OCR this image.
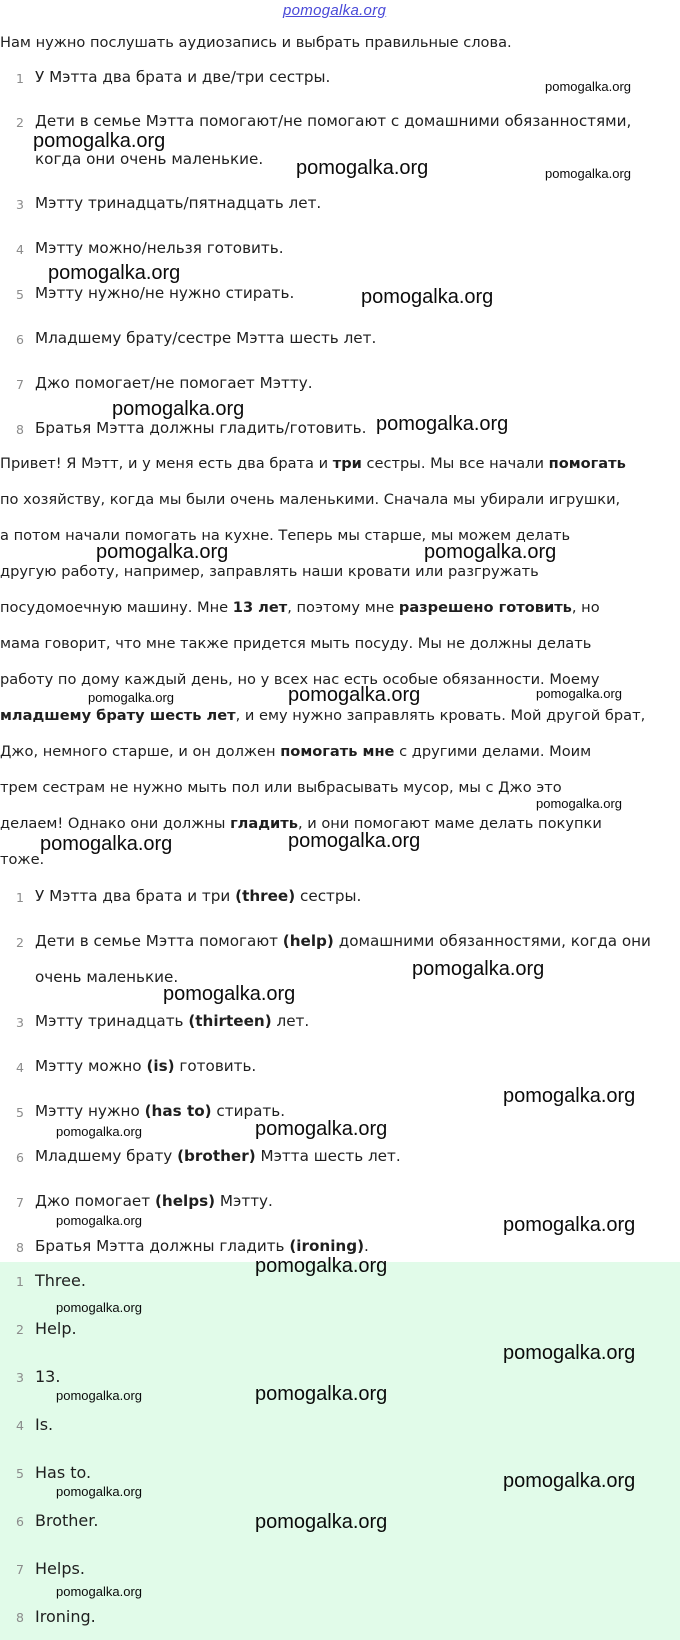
pomogalka.org
Нам нужно послушать аудиозапись и выбрать правильные слова.
1 У Мэтта два брата и две/три сестры.
2 Дети в семье Мэтта помогают/не помогают с домашними обязанностями,
когда они очень маленькие.
3 Мэтту тринадцать/пятнадцать лет.
4 Мэтту можно/нельзя готовить.
5 Мэтту нужно/не нужно стирать.
6 Младшему брату/сестре Мэтта шесть лет.
7 Джо помогает/не помогает Мэтту.
8 Братья Мэтта должны гладить/готовить.
Привет! Я Мэтт, и у меня есть два брата и три сестры. Мы все начали помогать
по хозяйству, когда мы были очень маленькими. Сначала мы убирали игрушки,
а потом начали помогать на кухне. Теперь мы старше, мы можем делать
другую работу, например, заправлять наши кровати или разгружать
посудомоечную машину. Мне 13 лет, поэтому мне разрешено готовить, но
мама говорит, что мне также придется мыть посуду. Мы не должны делать
работу по дому каждый день, но у всех нас есть особые обязанности. Моему
младшему брату шесть лет, и ему нужно заправлять кровать. Мой другой брат,
Джо, немного старше, и он должен помогать мне с другими делами. Моим
трем сестрам не нужно мыть пол или выбрасывать мусор, мы с Джо это
делаем! Однако они должны гладить, и они помогают маме делать покупки
тоже.
1 У Мэтта два брата и три (three) сестры.
2 Дети в семье Мэтта помогают (help) домашними обязанностями, когда они
очень маленькие.
3 Мэтту тринадцать (thirteen) лет.
4 Мэтту можно (is) готовить.
5 Мэтту нужно (has to) стирать.
6 Младшему брату (brother) Мэтта шесть лет.
7 Джо помогает (helps) Мэтту.
8 Братья Мэтта должны гладить (ironing).
1 Three.
2 Help.
3 13.
4 Is.
5 Has to.
6 Brother.
7 Helps.
8 Ironing.
pomogalka.org
pomogalka.org
pomogalka.org	pomogalka.org
pomogalka.org
pomogalka.org
pomogalka.org
pomogalka.org
pomogalka.org	pomogalka.org
pomogalka.org	pomogalka.org	pomogalka.org
pomogalka.org
pomogalka.org	pomogalka.org
pomogalka.org
pomogalka.org
pomogalka.org
pomogalka.org	pomogalka.org
pomogalka.org	pomogalka.org
pomogalka.org
pomogalka.org
pomogalka.org
pomogalka.org	pomogalka.org
pomogalka.org	pomogalka.org
pomogalka.org
pomogalka.org
